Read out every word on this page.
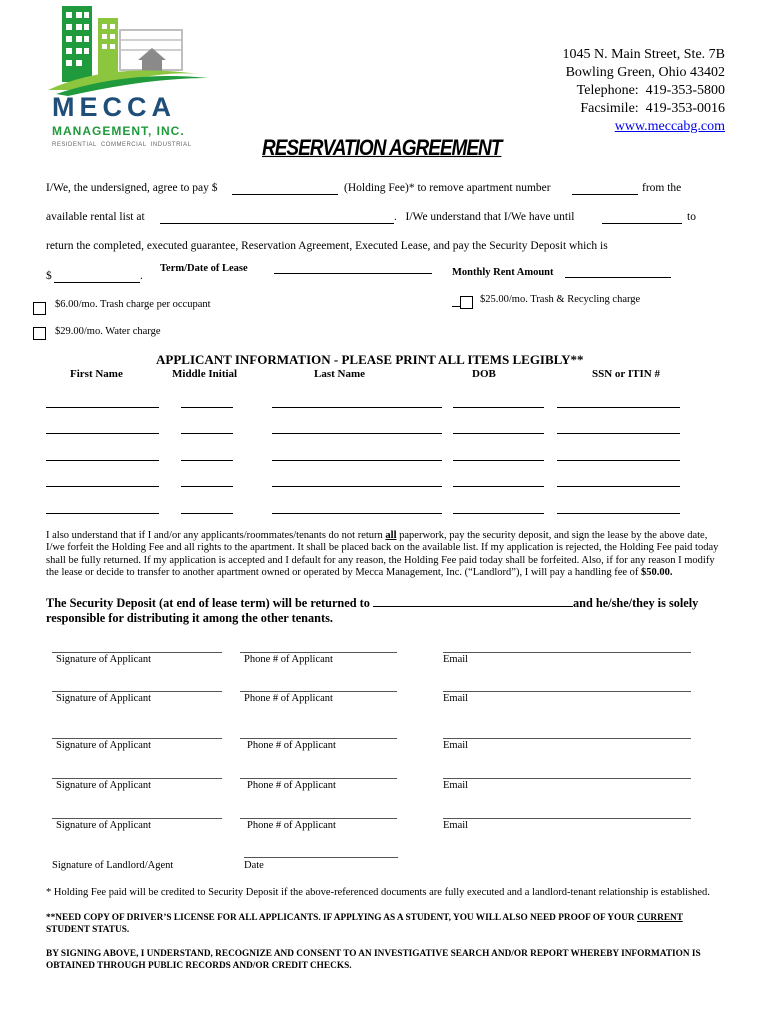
MECCA
MANAGEMENT, INC.
RESIDENTIAL  COMMERCIAL  INDUSTRIAL
1045 N. Main Street, Ste. 7B
Bowling Green, Ohio 43402
Telephone:  419-353-5800
Facsimile:  419-353-0016
www.meccabg.com
RESERVATION AGREEMENT
I/We, the undersigned, agree to pay $	(Holding Fee)* to remove apartment number	from the
available rental list at	.   I/We understand that I/We have until	to
return the completed, executed guarantee, Reservation Agreement, Executed Lease, and pay the Security Deposit which is
$	.
Term/Date of Lease	Monthly Rent Amount
$6.00/mo. Trash charge per occupant	$25.00/mo. Trash & Recycling charge
$29.00/mo. Water charge
APPLICANT INFORMATION - PLEASE PRINT ALL ITEMS LEGIBLY**
First Name	Middle Initial	Last Name	DOB	SSN or ITIN #
I also understand that if I and/or any applicants/roommates/tenants do not return all paperwork, pay the security deposit, and sign the lease by the above date, I/we forfeit the Holding Fee and all rights to the apartment. It shall be placed back on the available list. If my application is rejected, the Holding Fee paid today shall be fully returned. If my application is accepted and I default for any reason, the Holding Fee paid today shall be forfeited. Also, if for any reason I modify the lease or decide to transfer to another apartment owned or operated by Mecca Management, Inc. (“Landlord”), I will pay a handling fee of $50.00.
The Security Deposit (at end of lease term) will be returned to	and he/she/they is solely responsible for distributing it among the other tenants.
Signature of Applicant	Phone # of Applicant	Email
Signature of Applicant	Phone # of Applicant	Email
Signature of Applicant	Phone # of Applicant	Email
Signature of Applicant	Phone # of Applicant	Email
Signature of Applicant	Phone # of Applicant	Email
Signature of Landlord/Agent	Date
* Holding Fee paid will be credited to Security Deposit if the above-referenced documents are fully executed and a landlord-tenant relationship is established.
**NEED COPY OF DRIVER’S LICENSE FOR ALL APPLICANTS. IF APPLYING AS A STUDENT, YOU WILL ALSO NEED PROOF OF YOUR CURRENT STUDENT STATUS.
BY SIGNING ABOVE, I UNDERSTAND, RECOGNIZE AND CONSENT TO AN INVESTIGATIVE SEARCH AND/OR REPORT WHEREBY INFORMATION IS OBTAINED THROUGH PUBLIC RECORDS AND/OR CREDIT CHECKS.
